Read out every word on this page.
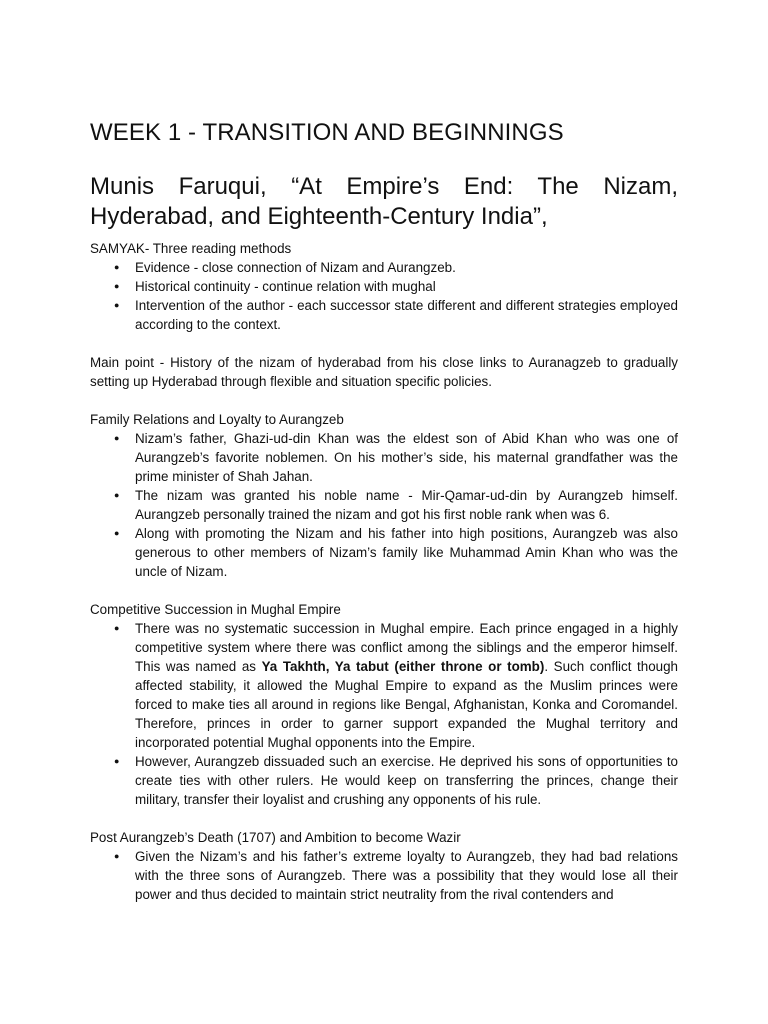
WEEK 1 - TRANSITION AND BEGINNINGS
Munis Faruqui, “At Empire’s End: The Nizam, Hyderabad, and Eighteenth-Century India”,

SAMYAK- Three reading methods

● Evidence - close connection of Nizam and Aurangzeb.
● Historical continuity - continue relation with mughal
● Intervention of the author - each successor state different and different strategies employed according to the context.

Main point - History of the nizam of hyderabad from his close links to Auranagzeb to gradually setting up Hyderabad through flexible and situation specific policies.

Family Relations and Loyalty to Aurangzeb

● Nizam’s father, Ghazi-ud-din Khan was the eldest son of Abid Khan who was one of Aurangzeb’s favorite noblemen. On his mother’s side, his maternal grandfather was the prime minister of Shah Jahan.
● The nizam was granted his noble name - Mir-Qamar-ud-din by Aurangzeb himself. Aurangzeb personally trained the nizam and got his first noble rank when was 6.
● Along with promoting the Nizam and his father into high positions, Aurangzeb was also generous to other members of Nizam’s family like Muhammad Amin Khan who was the uncle of Nizam.

Competitive Succession in Mughal Empire

● There was no systematic succession in Mughal empire. Each prince engaged in a highly competitive system where there was conflict among the siblings and the emperor himself. This was named as Ya Takhth, Ya tabut (either throne or tomb). Such conflict though affected stability, it allowed the Mughal Empire to expand as the Muslim princes were forced to make ties all around in regions like Bengal, Afghanistan, Konka and Coromandel. Therefore, princes in order to garner support expanded the Mughal territory and incorporated potential Mughal opponents into the Empire.
● However, Aurangzeb dissuaded such an exercise. He deprived his sons of opportunities to create ties with other rulers. He would keep on transferring the princes, change their military, transfer their loyalist and crushing any opponents of his rule.

Post Aurangzeb’s Death (1707) and Ambition to become Wazir

● Given the Nizam’s and his father’s extreme loyalty to Aurangzeb, they had bad relations with the three sons of Aurangzeb. There was a possibility that they would lose all their power and thus decided to maintain strict neutrality from the rival contenders and
